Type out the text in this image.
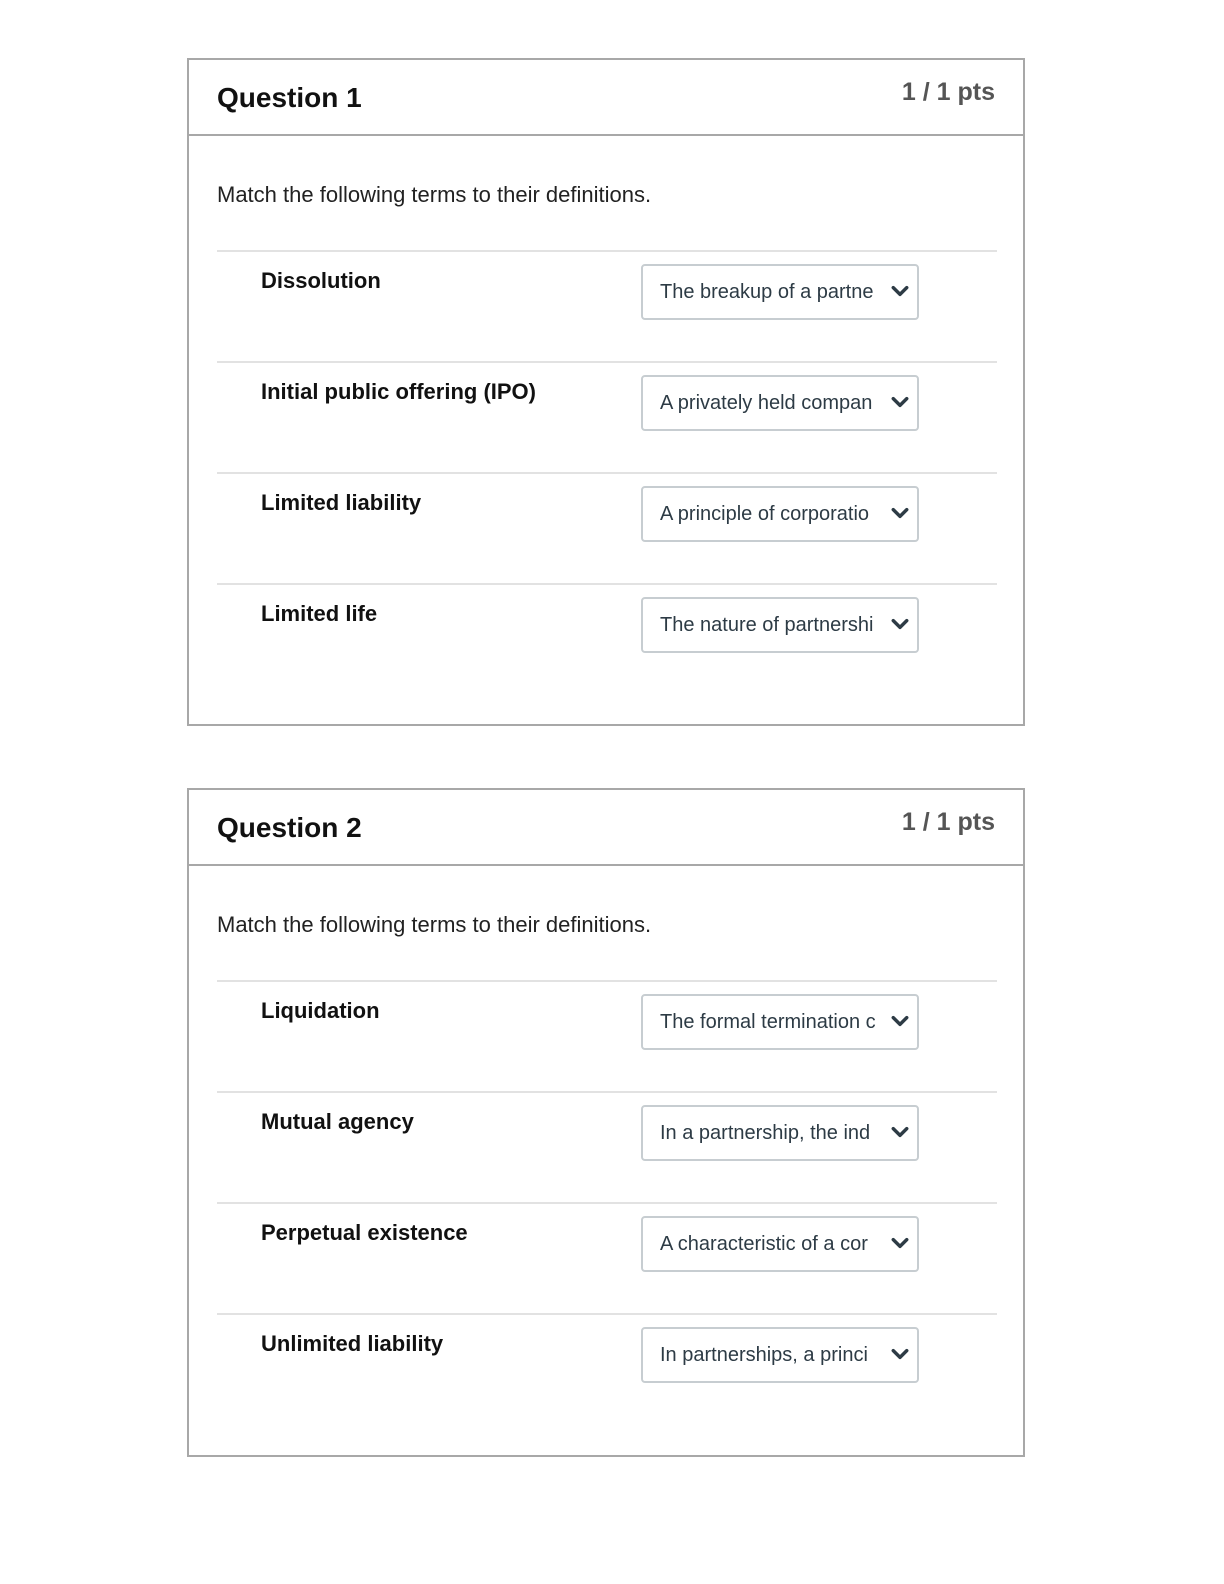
Question 1	1 / 1 pts
Match the following terms to their definitions.
Dissolution	The breakup of a partne
Initial public offering (IPO)	A privately held compan
Limited liability	A principle of corporatio
Limited life	The nature of partnershi
Question 2	1 / 1 pts
Match the following terms to their definitions.
Liquidation	The formal termination c
Mutual agency	In a partnership, the ind
Perpetual existence	A characteristic of a cor
Unlimited liability	In partnerships, a princi
